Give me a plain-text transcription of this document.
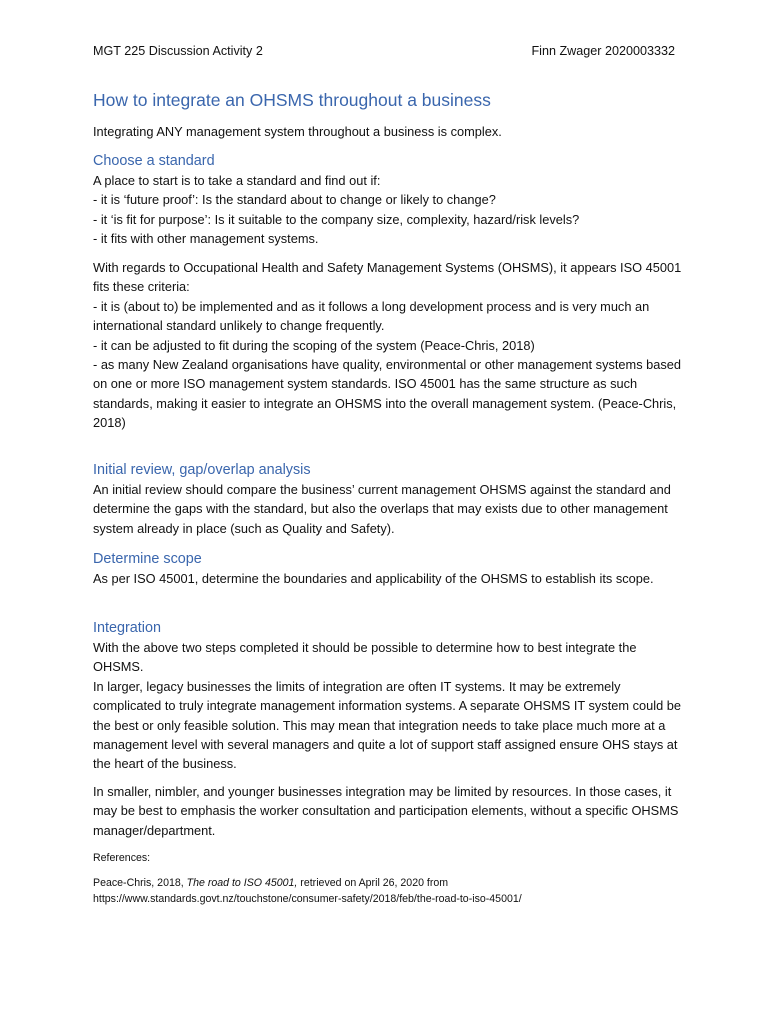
MGT 225 Discussion Activity 2	Finn Zwager 2020003332
How to integrate an OHSMS throughout a business

Integrating ANY management system throughout a business is complex.

Choose a standard

A place to start is to take a standard and find out if:

- it is ‘future proof’: Is the standard about to change or likely to change?

- it ‘is fit for purpose’: Is it suitable to the company size, complexity, hazard/risk levels?

- it fits with other management systems.

With regards to Occupational Health and Safety Management Systems (OHSMS), it appears ISO 45001 fits these criteria:

- it is (about to) be implemented and as it follows a long development process and is very much an international standard unlikely to change frequently.

- it can be adjusted to fit during the scoping of the system (Peace-Chris, 2018)

- as many New Zealand organisations have quality, environmental or other management systems based on one or more ISO management system standards. ISO 45001 has the same structure as such standards, making it easier to integrate an OHSMS into the overall management system. (Peace-Chris, 2018)

Initial review, gap/overlap analysis

An initial review should compare the business’ current management OHSMS against the standard and determine the gaps with the standard, but also the overlaps that may exists due to other management system already in place (such as Quality and Safety).

Determine scope

As per ISO 45001, determine the boundaries and applicability of the OHSMS to establish its scope.

Integration

With the above two steps completed it should be possible to determine how to best integrate the OHSMS.

In larger, legacy businesses the limits of integration are often IT systems. It may be extremely complicated to truly integrate management information systems. A separate OHSMS IT system could be the best or only feasible solution. This may mean that integration needs to take place much more at a management level with several managers and quite a lot of support staff assigned ensure OHS stays at the heart of the business.

In smaller, nimbler, and younger businesses integration may be limited by resources. In those cases, it may be best to emphasis the worker consultation and participation elements, without a specific OHSMS manager/department.

References:

Peace-Chris, 2018, The road to ISO 45001, retrieved on April 26, 2020 from

https://www.standards.govt.nz/touchstone/consumer-safety/2018/feb/the-road-to-iso-45001/
